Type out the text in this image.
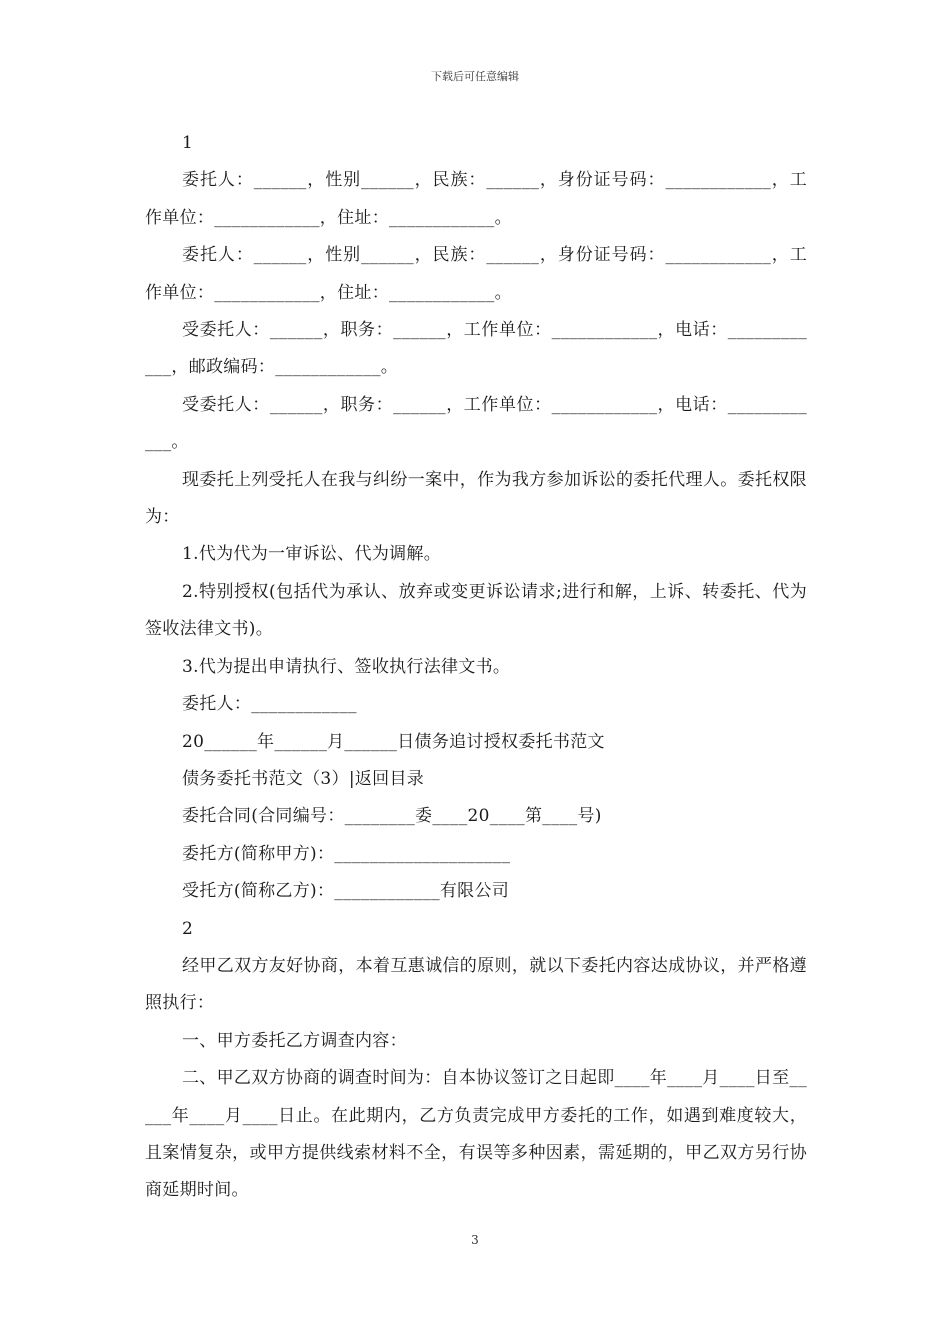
下载后可任意编辑

1

委托人：______，性别______，民族：______，身份证号码：____________，工作单位：____________，住址：____________。

委托人：______，性别______，民族：______，身份证号码：____________，工作单位：____________，住址：____________。

受委托人：______，职务：______，工作单位：____________，电话：____________，邮政编码：____________。

受委托人：______，职务：______，工作单位：____________，电话：____________。

现委托上列受托人在我与纠纷一案中，作为我方参加诉讼的委托代理人。委托权限为：

1.代为代为一审诉讼、代为调解。

2.特别授权(包括代为承认、放弃或变更诉讼请求;进行和解，上诉、转委托、代为签收法律文书)。

3.代为提出申请执行、签收执行法律文书。

委托人：____________

20______年______月______日债务追讨授权委托书范文

债务委托书范文（3）|返回目录

委托合同(合同编号：________委____20____第____号)

委托方(简称甲方)：____________________

受托方(简称乙方)：____________有限公司

2

经甲乙双方友好协商，本着互惠诚信的原则，就以下委托内容达成协议，并严格遵照执行：

一、甲方委托乙方调查内容：

二、甲乙双方协商的调查时间为：自本协议签订之日起即____年____月____日至_____年____月____日止。在此期内，乙方负责完成甲方委托的工作，如遇到难度较大，且案情复杂，或甲方提供线索材料不全，有误等多种因素，需延期的，甲乙双方另行协商延期时间。

3
